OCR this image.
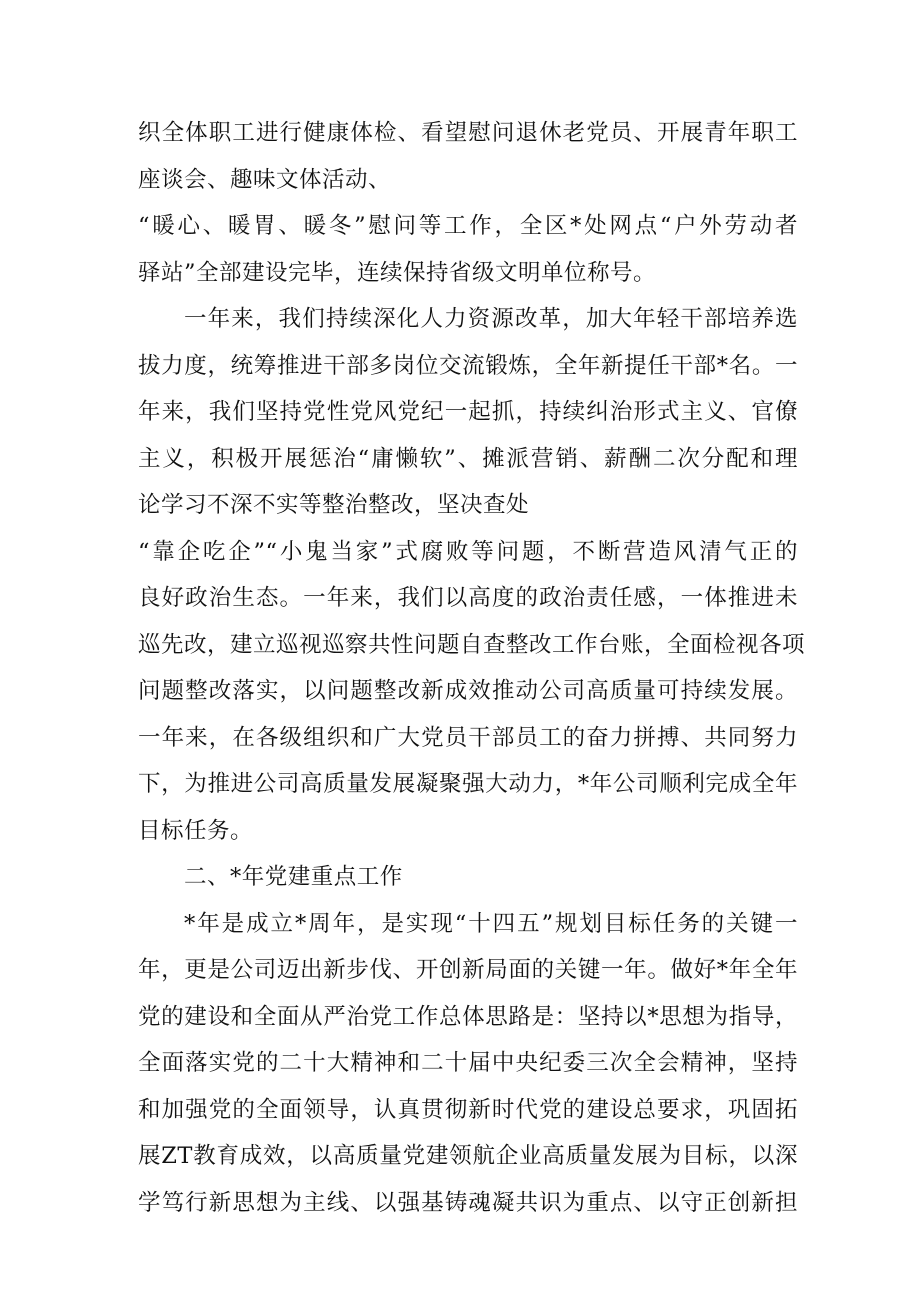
织全体职工进行健康体检、看望慰问退休老党员、开展青年职工
座谈会、趣味文体活动、
“暖心、暖胃、暖冬”慰问等工作，全区*处网点“户外劳动者
驿站”全部建设完毕，连续保持省级文明单位称号。
一年来，我们持续深化人力资源改革，加大年轻干部培养选
拔力度，统筹推进干部多岗位交流锻炼，全年新提任干部*名。一
年来，我们坚持党性党风党纪一起抓，持续纠治形式主义、官僚
主义，积极开展惩治“庸懒软”、摊派营销、薪酬二次分配和理
论学习不深不实等整治整改，坚决查处
“靠企吃企”“小鬼当家”式腐败等问题，不断营造风清气正的
良好政治生态。一年来，我们以高度的政治责任感，一体推进未
巡先改，建立巡视巡察共性问题自查整改工作台账，全面检视各项
问题整改落实，以问题整改新成效推动公司高质量可持续发展。
一年来，在各级组织和广大党员干部员工的奋力拼搏、共同努力
下，为推进公司高质量发展凝聚强大动力，*年公司顺利完成全年
目标任务。
二、*年党建重点工作
*年是成立*周年，是实现“十四五”规划目标任务的关键一
年，更是公司迈出新步伐、开创新局面的关键一年。做好*年全年
党的建设和全面从严治党工作总体思路是：坚持以*思想为指导，
全面落实党的二十大精神和二十届中央纪委三次全会精神，坚持
和加强党的全面领导，认真贯彻新时代党的建设总要求，巩固拓
展ZT教育成效，以高质量党建领航企业高质量发展为目标，以深
学笃行新思想为主线、以强基铸魂凝共识为重点、以守正创新担
